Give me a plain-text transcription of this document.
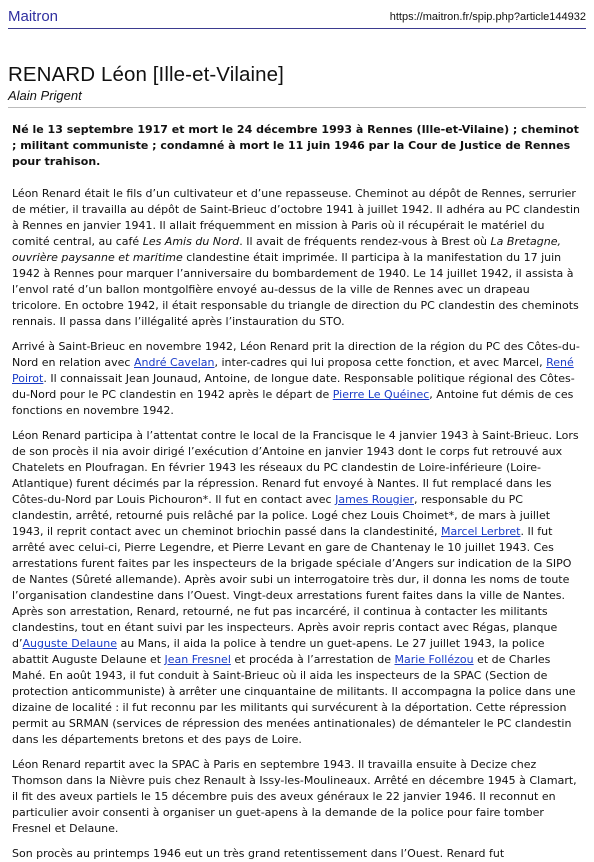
Maitron	https://maitron.fr/spip.php?article144932
RENARD Léon [Ille-et-Vilaine]
Alain Prigent
Né le 13 septembre 1917 et mort le 24 décembre 1993 à Rennes (Ille-et-Vilaine) ; cheminot ; militant communiste ; condamné à mort le 11 juin 1946 par la Cour de Justice de Rennes pour trahison.

Léon Renard était le fils d’un cultivateur et d’une repasseuse. Cheminot au dépôt de Rennes, serrurier de métier, il travailla au dépôt de Saint-Brieuc d’octobre 1941 à juillet 1942. Il adhéra au PC clandestin à Rennes en janvier 1941. Il allait fréquemment en mission à Paris où il récupérait le matériel du comité central, au café Les Amis du Nord. Il avait de fréquents rendez-vous à Brest où La Bretagne, ouvrière paysanne et maritime clandestine était imprimée. Il participa à la manifestation du 17 juin 1942 à Rennes pour marquer l’anniversaire du bombardement de 1940. Le 14 juillet 1942, il assista à l’envol raté d’un ballon montgolfière envoyé au-dessus de la ville de Rennes avec un drapeau tricolore. En octobre 1942, il était responsable du triangle de direction du PC clandestin des cheminots rennais. Il passa dans l’illégalité après l’instauration du STO.

Arrivé à Saint-Brieuc en novembre 1942, Léon Renard prit la direction de la région du PC des Côtes-du-Nord en relation avec André Cavelan, inter-cadres qui lui proposa cette fonction, et avec Marcel, René Poirot. Il connaissait Jean Jounaud, Antoine, de longue date. Responsable politique régional des Côtes-du-Nord pour le PC clandestin en 1942 après le départ de Pierre Le Quéinec, Antoine fut démis de ces fonctions en novembre 1942.

Léon Renard participa à l’attentat contre le local de la Francisque le 4 janvier 1943 à Saint-Brieuc. Lors de son procès il nia avoir dirigé l’exécution d’Antoine en janvier 1943 dont le corps fut retrouvé aux Chatelets en Ploufragan. En février 1943 les réseaux du PC clandestin de Loire-inférieure (Loire-Atlantique) furent décimés par la répression. Renard fut envoyé à Nantes. Il fut remplacé dans les Côtes-du-Nord par Louis Pichouron*. Il fut en contact avec James Rougier, responsable du PC clandestin, arrêté, retourné puis relâché par la police. Logé chez Louis Choimet*, de mars à juillet 1943, il reprit contact avec un cheminot briochin passé dans la clandestinité, Marcel Lerbret. Il fut arrêté avec celui-ci, Pierre Legendre, et Pierre Levant en gare de Chantenay le 10 juillet 1943. Ces arrestations furent faites par les inspecteurs de la brigade spéciale d’Angers sur indication de la SIPO de Nantes (Sûreté allemande). Après avoir subi un interrogatoire très dur, il donna les noms de toute l’organisation clandestine dans l’Ouest. Vingt-deux arrestations furent faites dans la ville de Nantes. Après son arrestation, Renard, retourné, ne fut pas incarcéré, il continua à contacter les militants clandestins, tout en étant suivi par les inspecteurs. Après avoir repris contact avec Régas, planque d’Auguste Delaune au Mans, il aida la police à tendre un guet-apens. Le 27 juillet 1943, la police abattit Auguste Delaune et Jean Fresnel et procéda à l’arrestation de Marie Follézou et de Charles Mahé. En août 1943, il fut conduit à Saint-Brieuc où il aida les inspecteurs de la SPAC (Section de protection anticommuniste) à arrêter une cinquantaine de militants. Il accompagna la police dans une dizaine de localité : il fut reconnu par les militants qui survécurent à la déportation. Cette répression permit au SRMAN (services de répression des menées antinationales) de démanteler le PC clandestin dans les départements bretons et des pays de Loire.

Léon Renard repartit avec la SPAC à Paris en septembre 1943. Il travailla ensuite à Decize chez Thomson dans la Nièvre puis chez Renault à Issy-les-Moulineaux. Arrêté en décembre 1945 à Clamart, il fit des aveux partiels le 15 décembre puis des aveux généraux le 22 janvier 1946. Il reconnut en particulier avoir consenti à organiser un guet-apens à la demande de la police pour faire tomber Fresnel et Delaune.

Son procès au printemps 1946 eut un très grand retentissement dans l’Ouest. Renard fut
